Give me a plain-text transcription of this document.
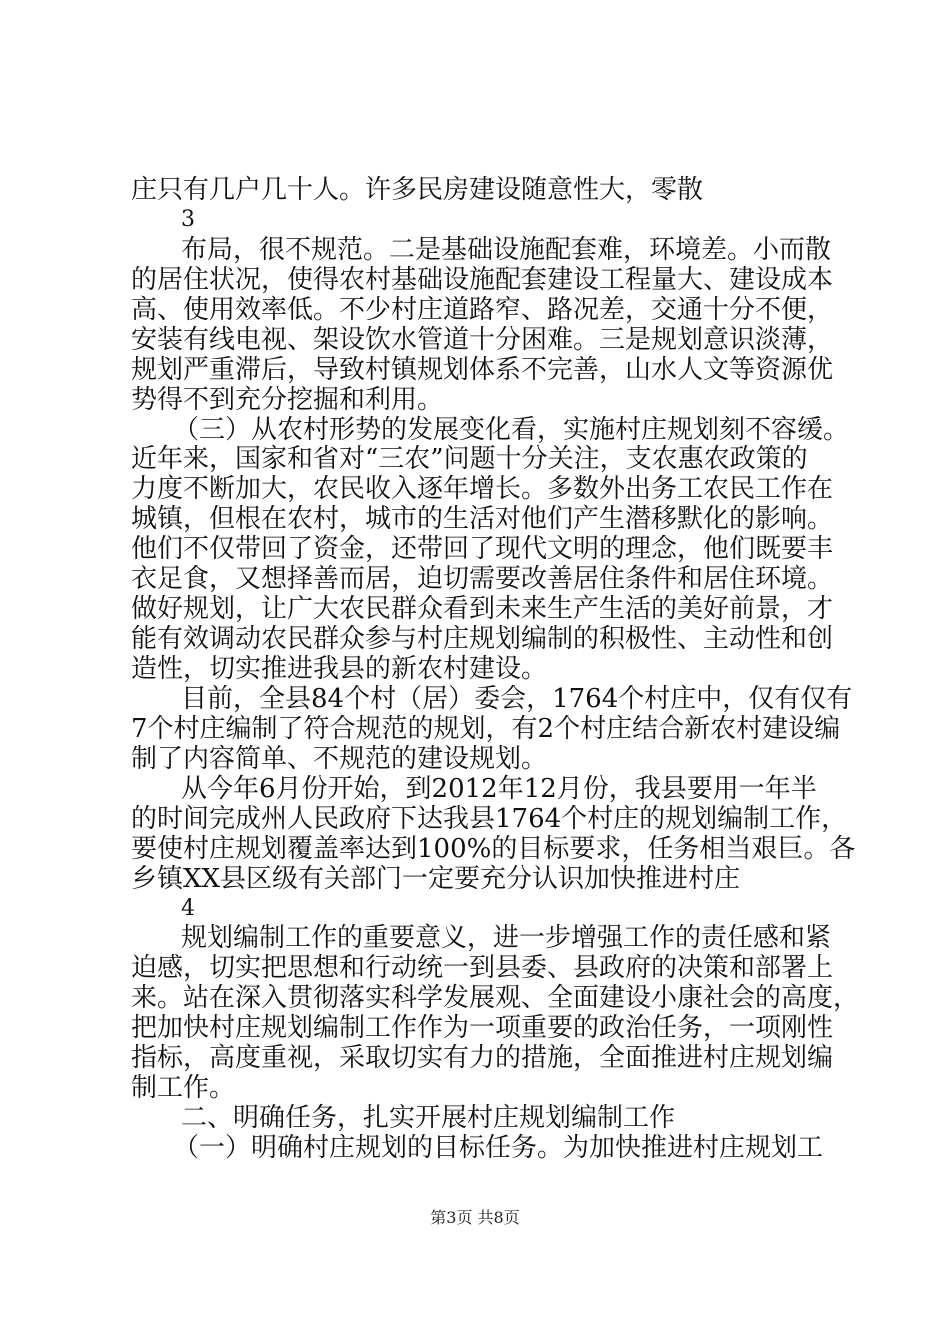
庄只有几户几十人。许多民房建设随意性大，零散
3
布局，很不规范。二是基础设施配套难，环境差。小而散
的居住状况，使得农村基础设施配套建设工程量大、建设成本
高、使用效率低。不少村庄道路窄、路况差，交通十分不便，
安装有线电视、架设饮水管道十分困难。三是规划意识淡薄，
规划严重滞后，导致村镇规划体系不完善，山水人文等资源优
势得不到充分挖掘和利用。
（三）从农村形势的发展变化看，实施村庄规划刻不容缓。
近年来，国家和省对“三农”问题十分关注，支农惠农政策的
力度不断加大，农民收入逐年增长。多数外出务工农民工作在
城镇，但根在农村，城市的生活对他们产生潜移默化的影响。
他们不仅带回了资金，还带回了现代文明的理念，他们既要丰
衣足食，又想择善而居，迫切需要改善居住条件和居住环境。
做好规划，让广大农民群众看到未来生产生活的美好前景，才
能有效调动农民群众参与村庄规划编制的积极性、主动性和创
造性，切实推进我县的新农村建设。
目前，全县84个村（居）委会，1764个村庄中，仅有仅有
7个村庄编制了符合规范的规划，有2个村庄结合新农村建设编
制了内容简单、不规范的建设规划。
从今年6月份开始，到2012年12月份，我县要用一年半
的时间完成州人民政府下达我县1764个村庄的规划编制工作，
要使村庄规划覆盖率达到100%的目标要求，任务相当艰巨。各
乡镇XX县区级有关部门一定要充分认识加快推进村庄
4
规划编制工作的重要意义，进一步增强工作的责任感和紧
迫感，切实把思想和行动统一到县委、县政府的决策和部署上
来。站在深入贯彻落实科学发展观、全面建设小康社会的高度，
把加快村庄规划编制工作作为一项重要的政治任务，一项刚性
指标，高度重视，采取切实有力的措施，全面推进村庄规划编
制工作。
二、明确任务，扎实开展村庄规划编制工作
（一）明确村庄规划的目标任务。为加快推进村庄规划工
第3页 共8页
